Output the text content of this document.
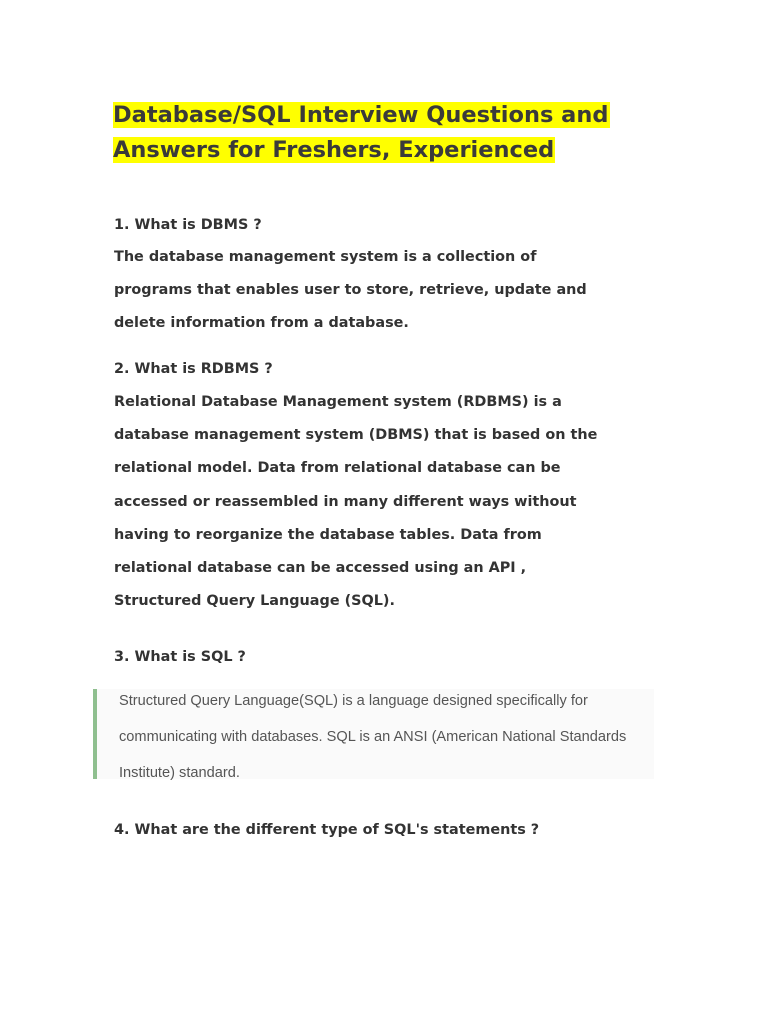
Database/SQL Interview Questions and
Answers for Freshers, Experienced

1. What is DBMS ?

The database management system is a collection of
programs that enables user to store, retrieve, update and
delete information from a database.

2. What is RDBMS ?

Relational Database Management system (RDBMS) is a
database management system (DBMS) that is based on the
relational model. Data from relational database can be
accessed or reassembled in many different ways without
having to reorganize the database tables. Data from
relational database can be accessed using an API ,
Structured Query Language (SQL).

3. What is SQL ?

Structured Query Language(SQL) is a language designed specifically for
communicating with databases. SQL is an ANSI (American National Standards
Institute) standard.

4. What are the different type of SQL's statements ?
